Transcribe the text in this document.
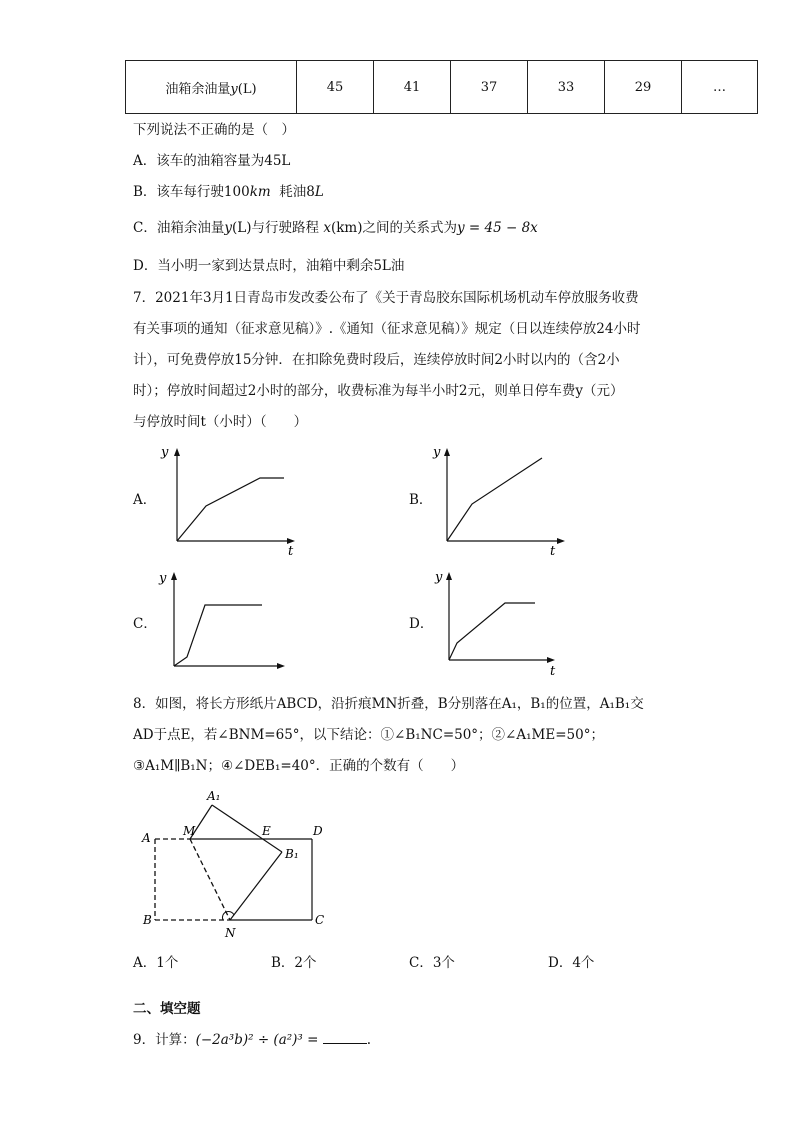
油箱余油量y(L)	45	41	37	33	29	…
下列说法不正确的是（　）
A．该车的油箱容量为45L
B．该车每行驶100km  耗油8L
C．油箱余油量y(L)与行驶路程 x(km)之间的关系式为y = 45 − 8x
D．当小明一家到达景点时，油箱中剩余5L油
7．2021年3月1日青岛市发改委公布了《关于青岛胶东国际机场机动车停放服务收费
有关事项的通知（征求意见稿）》.《通知（征求意见稿）》规定（日以连续停放24小时
计），可免费停放15分钟．在扣除免费时段后，连续停放时间2小时以内的（含2小
时）；停放时间超过2小时的部分，收费标准为每半小时2元，则单日停车费y（元）
与停放时间t（小时）（　　）
A．
y
t
B．
y
t
C．
y
D．
y
t
8．如图，将长方形纸片ABCD，沿折痕MN折叠，B分别落在A₁，B₁的位置，A₁B₁交
AD于点E，若∠BNM=65°，以下结论：①∠B₁NC=50°；②∠A₁ME=50°；
③A₁M∥B₁N；④∠DEB₁=40°．正确的个数有（　　）
A₁
A	M	E	D
B₁
B
N
C
A．1个	B．2个	C．3个	D．4个
二、填空题
9．计算：(−2a³b)² ÷ (a²)³ =	.
